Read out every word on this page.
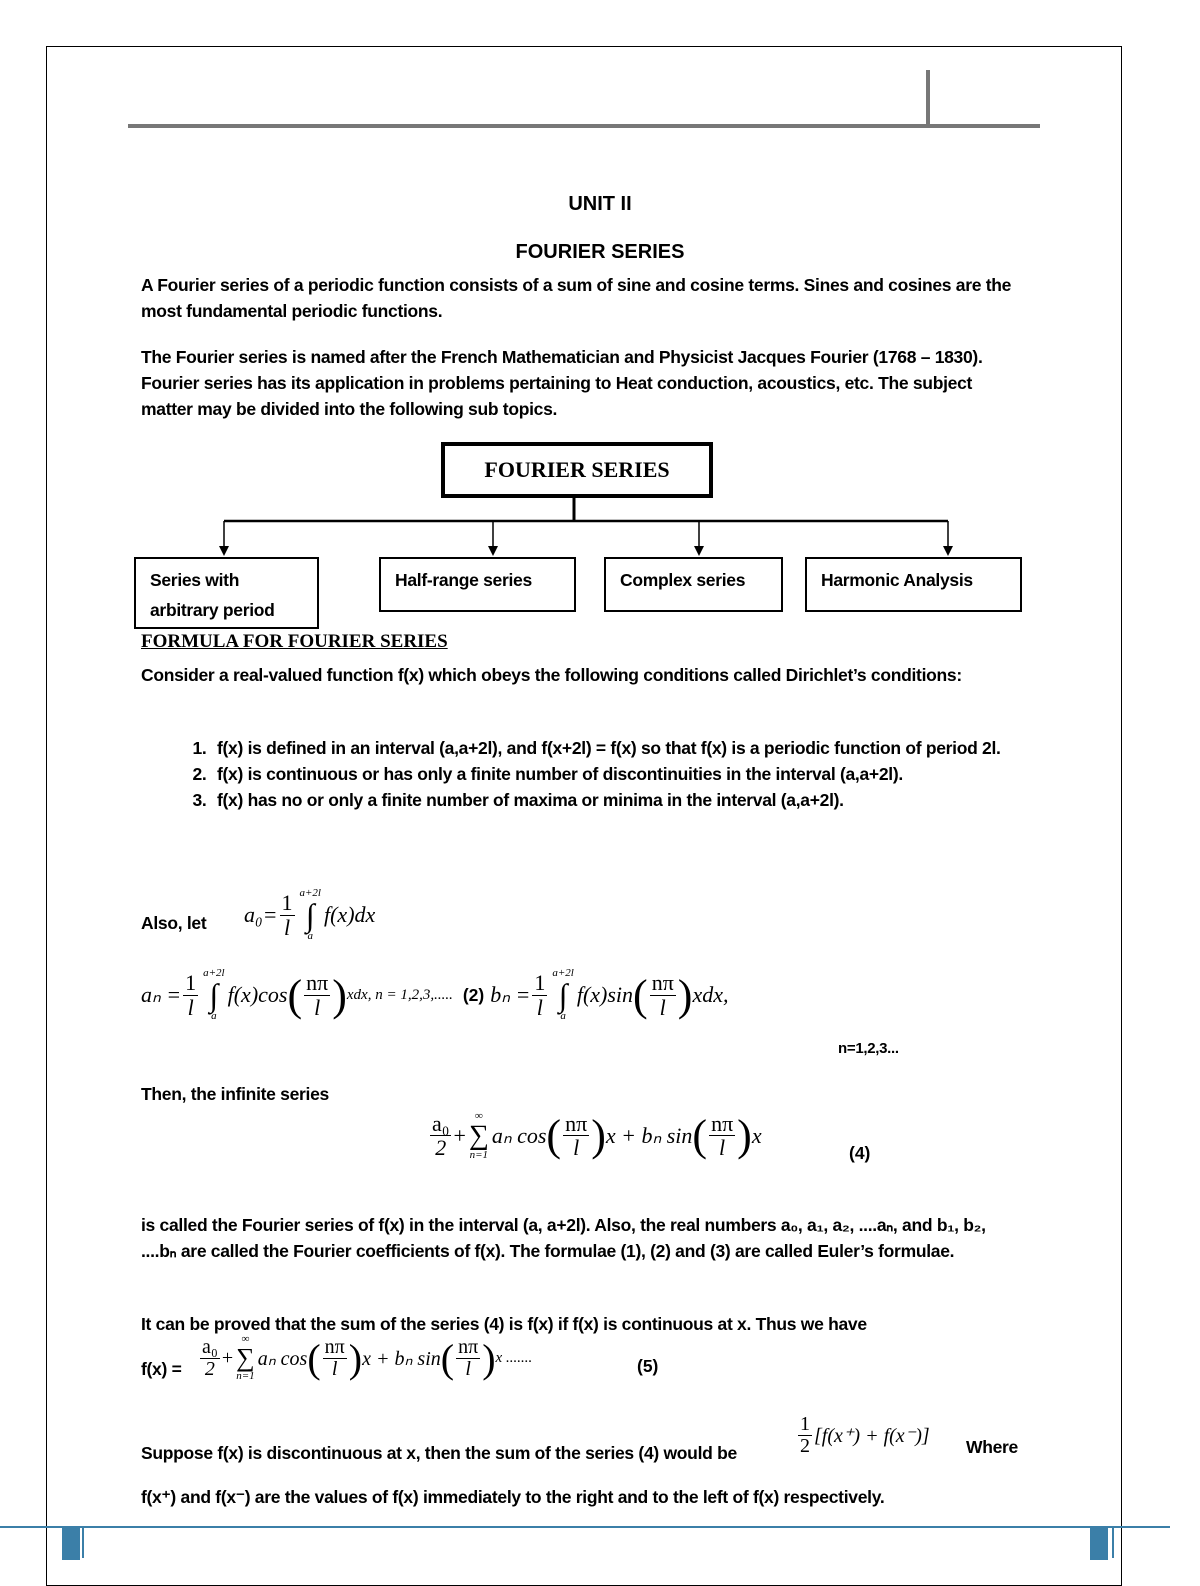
UNIT II
FOURIER SERIES
A Fourier series of a periodic function consists of a sum of sine and cosine terms. Sines and cosines are the most fundamental periodic functions.
The Fourier series is named after the French Mathematician and Physicist Jacques Fourier (1768 – 1830). Fourier series has its application in problems pertaining to Heat conduction, acoustics, etc. The subject matter may be divided into the following sub topics.
FOURIER SERIES
Series with
arbitrary period
Half-range series	Complex series	Harmonic Analysis
FORMULA FOR FOURIER SERIES
Consider a real-valued function f(x) which obeys the following conditions called Dirichlet’s conditions:
1. f(x) is defined in an interval (a,a+2l), and f(x+2l) = f(x) so that f(x) is a periodic function of period 2l.
2. f(x) is continuous or has only a finite number of discontinuities in the interval (a,a+2l).
3. f(x) has no or only a finite number of maxima or minima in the interval (a,a+2l).
Also, let $a_0= \frac{1}{l} a+2l$
∫
a
f(x)dx
$a_n = \frac{1}{l} a+2l$
∫
a
f(x)cos ( $\frac{n\pi}{l}$ ) xdx, n = 1,2,3,..... (2) $b_n = \frac{1}{l} a+2l$
∫
a
f(x)sin ( $\frac{n\pi}{l}$ ) xdx,
n=1,2,3...
Then, the infinite series
$\frac{\text{a₀}}{2}$ +
∞
∑
n=1
aₙ cos ( $\frac{n\pi}{l}$ ) x + bₙ sin ( $\frac{n\pi}{l}$ ) x
(4)
is called the Fourier series of f(x) in the interval (a, a+2l). Also, the real numbers a₀, a₁, a₂, ....aₙ, and b₁, b₂, ....bₙ are called the Fourier coefficients of f(x). The formulae (1), (2) and (3) are called Euler’s formulae.
It can be proved that the sum of the series (4) is f(x) if f(x) is continuous at x. Thus we have
$f(x) = \frac{\text{a₀}}{2}$ +
∞
∑
n=1
aₙ cos ( $\frac{n\pi}{l}$ ) x + bₙ sin ( $\frac{n\pi}{l}$ ) x .......	(5)
Suppose f(x) is discontinuous at x, then the sum of the series (4) would be	$\frac{1}{2} [f(x^+) + f(x^-)]$ Where
f(x⁺) and f(x⁻) are the values of f(x) immediately to the right and to the left of f(x) respectively.
